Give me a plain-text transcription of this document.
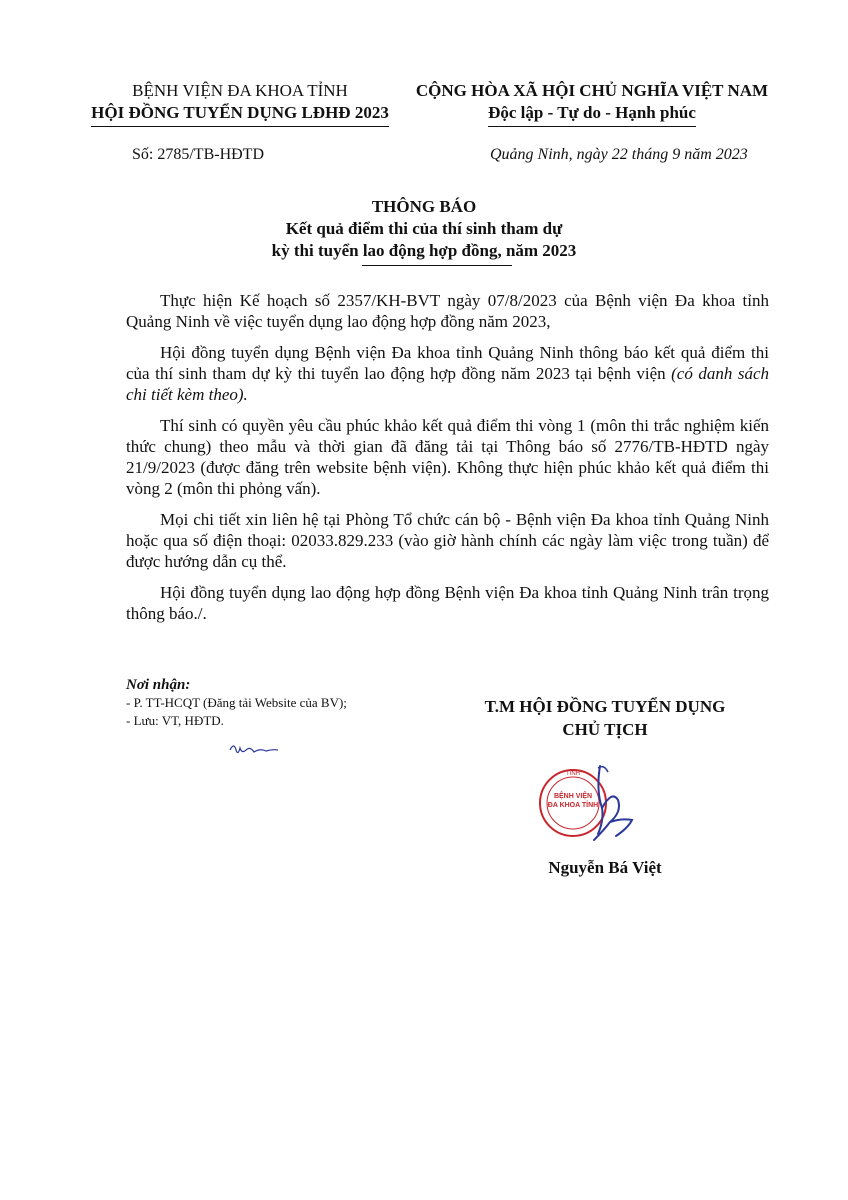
BỆNH VIỆN ĐA KHOA TỈNH
HỘI ĐỒNG TUYỂN DỤNG LĐHĐ 2023
CỘNG HÒA XÃ HỘI CHỦ NGHĨA VIỆT NAM
Độc lập - Tự do - Hạnh phúc
Số: 2785/TB-HĐTD	Quảng Ninh, ngày 22 tháng 9 năm 2023
THÔNG BÁO
Kết quả điểm thi của thí sinh tham dự
kỳ thi tuyển lao động hợp đồng, năm 2023

Thực hiện Kế hoạch số 2357/KH-BVT ngày 07/8/2023 của Bệnh viện Đa khoa tỉnh Quảng Ninh về việc tuyển dụng lao động hợp đồng năm 2023,

Hội đồng tuyển dụng Bệnh viện Đa khoa tỉnh Quảng Ninh thông báo kết quả điểm thi của thí sinh tham dự kỳ thi tuyển lao động hợp đồng năm 2023 tại bệnh viện (có danh sách chi tiết kèm theo).

Thí sinh có quyền yêu cầu phúc khảo kết quả điểm thi vòng 1 (môn thi trắc nghiệm kiến thức chung) theo mẫu và thời gian đã đăng tải tại Thông báo số 2776/TB-HĐTD ngày 21/9/2023 (được đăng trên website bệnh viện). Không thực hiện phúc khảo kết quả điểm thi vòng 2 (môn thi phỏng vấn).

Mọi chi tiết xin liên hệ tại Phòng Tổ chức cán bộ - Bệnh viện Đa khoa tỉnh Quảng Ninh hoặc qua số điện thoại: 02033.829.233 (vào giờ hành chính các ngày làm việc trong tuần) để được hướng dẫn cụ thể.

Hội đồng tuyển dụng lao động hợp đồng Bệnh viện Đa khoa tỉnh Quảng Ninh trân trọng thông báo./.

Nơi nhận:
- P. TT-HCQT (Đăng tải Website của BV);
- Lưu: VT, HĐTD.
T.M HỘI ĐỒNG TUYỂN DỤNG
CHỦ TỊCH
TỈNH
BỆNH VIỆN
ĐA KHOA TỈNH
Nguyễn Bá Việt
